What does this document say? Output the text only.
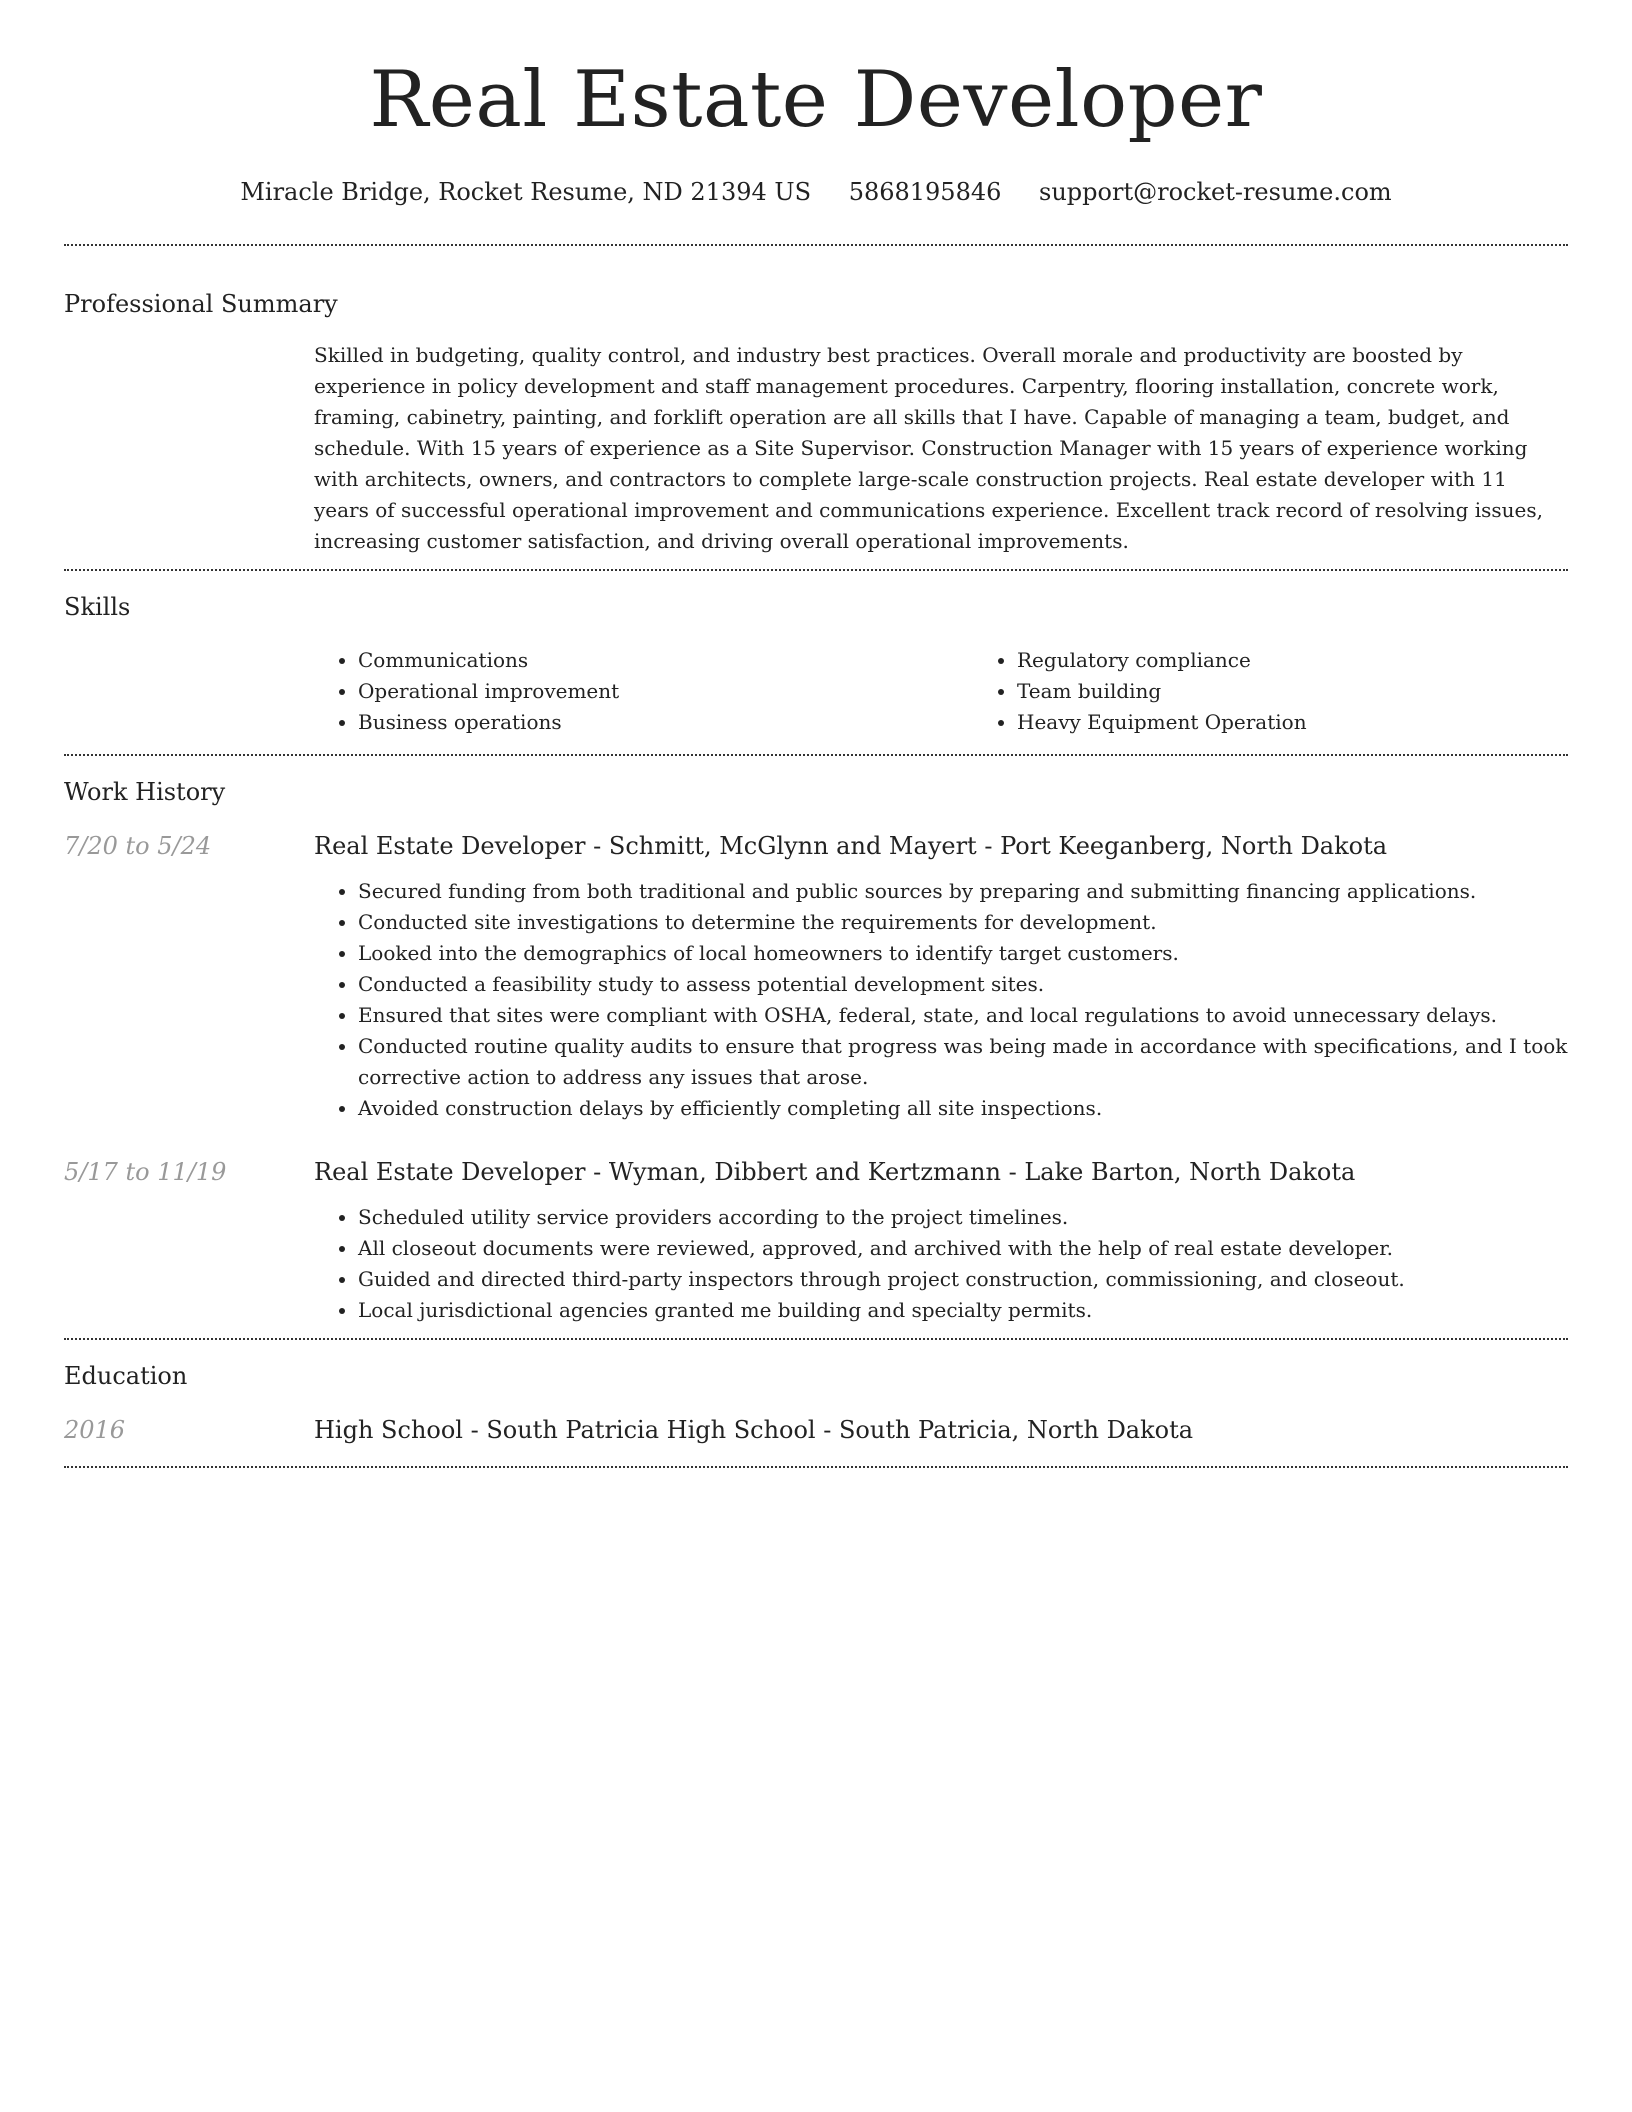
Real Estate Developer
Miracle Bridge, Rocket Resume, ND 21394 US 5868195846 support@rocket-resume.com
Professional Summary

Skilled in budgeting, quality control, and industry best practices. Overall morale and productivity are boosted by experience in policy development and staff management procedures. Carpentry, flooring installation, concrete work, framing, cabinetry, painting, and forklift operation are all skills that I have. Capable of managing a team, budget, and schedule. With 15 years of experience as a Site Supervisor. Construction Manager with 15 years of experience working with architects, owners, and contractors to complete large-scale construction projects. Real estate developer with 11 years of successful operational improvement and communications experience. Excellent track record of resolving issues, increasing customer satisfaction, and driving overall operational improvements.

Skills
• Communications
• Operational improvement
• Business operations
• Regulatory compliance
• Team building
• Heavy Equipment Operation
Work History
7/20 to 5/24	Real Estate Developer - Schmitt, McGlynn and Mayert - Port Keeganberg, North Dakota
• Secured funding from both traditional and public sources by preparing and submitting financing applications.
• Conducted site investigations to determine the requirements for development.
• Looked into the demographics of local homeowners to identify target customers.
• Conducted a feasibility study to assess potential development sites.
• Ensured that sites were compliant with OSHA, federal, state, and local regulations to avoid unnecessary delays.
• Conducted routine quality audits to ensure that progress was being made in accordance with specifications, and I took corrective action to address any issues that arose.
• Avoided construction delays by efficiently completing all site inspections.
5/17 to 11/19	Real Estate Developer - Wyman, Dibbert and Kertzmann - Lake Barton, North Dakota
• Scheduled utility service providers according to the project timelines.
• All closeout documents were reviewed, approved, and archived with the help of real estate developer.
• Guided and directed third-party inspectors through project construction, commissioning, and closeout.
• Local jurisdictional agencies granted me building and specialty permits.
Education
2016	High School - South Patricia High School - South Patricia, North Dakota
